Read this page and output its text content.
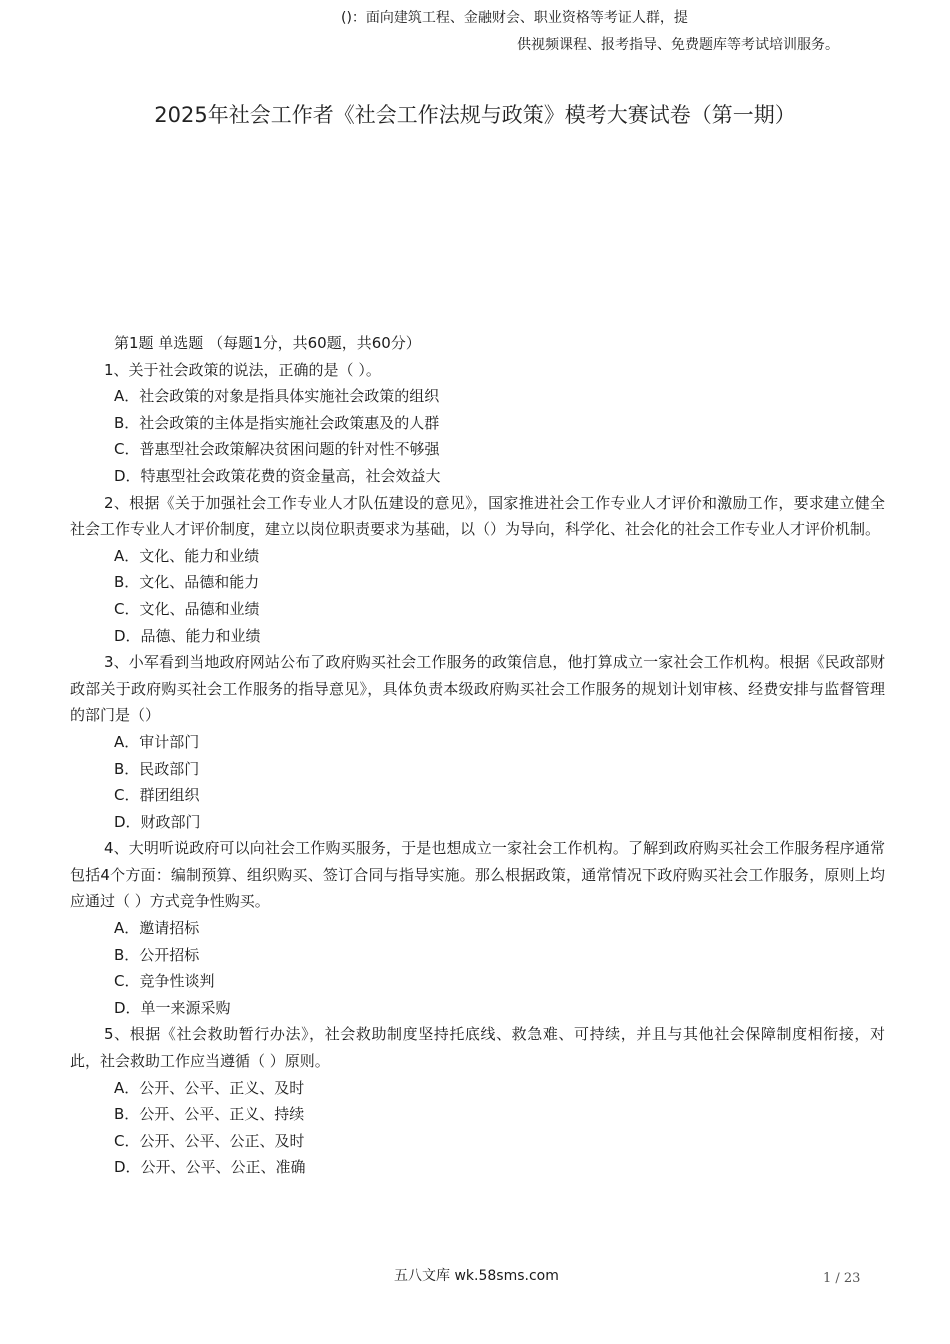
()：面向建筑工程、金融财会、职业资格等考证人群，提
供视频课程、报考指导、免费题库等考试培训服务。
2025年社会工作者《社会工作法规与政策》模考大赛试卷（第一期）
第1题 单选题 （每题1分，共60题，共60分）
1、关于社会政策的说法，正确的是（ ）。
A．社会政策的对象是指具体实施社会政策的组织
B．社会政策的主体是指实施社会政策惠及的人群
C．普惠型社会政策解决贫困问题的针对性不够强
D．特惠型社会政策花费的资金量高，社会效益大
2、根据《关于加强社会工作专业人才队伍建设的意见》，国家推进社会工作专业人才评价和激励工作，要求建立健全社会工作专业人才评价制度，建立以岗位职责要求为基础，以（）为导向，科学化、社会化的社会工作专业人才评价机制。
A．文化、能力和业绩
B．文化、品德和能力
C．文化、品德和业绩
D．品德、能力和业绩
3、小军看到当地政府网站公布了政府购买社会工作服务的政策信息，他打算成立一家社会工作机构。根据《民政部财政部关于政府购买社会工作服务的指导意见》，具体负责本级政府购买社会工作服务的规划计划审核、经费安排与监督管理的部门是（）
A．审计部门
B．民政部门
C．群团组织
D．财政部门
4、大明听说政府可以向社会工作购买服务，于是也想成立一家社会工作机构。了解到政府购买社会工作服务程序通常包括4个方面：编制预算、组织购买、签订合同与指导实施。那么根据政策，通常情况下政府购买社会工作服务，原则上均应通过（ ）方式竞争性购买。
A．邀请招标
B．公开招标
C．竞争性谈判
D．单一来源采购
5、根据《社会救助暂行办法》，社会救助制度坚持托底线、救急难、可持续，并且与其他社会保障制度相衔接，对此，社会救助工作应当遵循（ ）原则。
A．公开、公平、正义、及时
B．公开、公平、正义、持续
C．公开、公平、公正、及时
D．公开、公平、公正、准确
五八文库 wk.58sms.com	1 / 23
